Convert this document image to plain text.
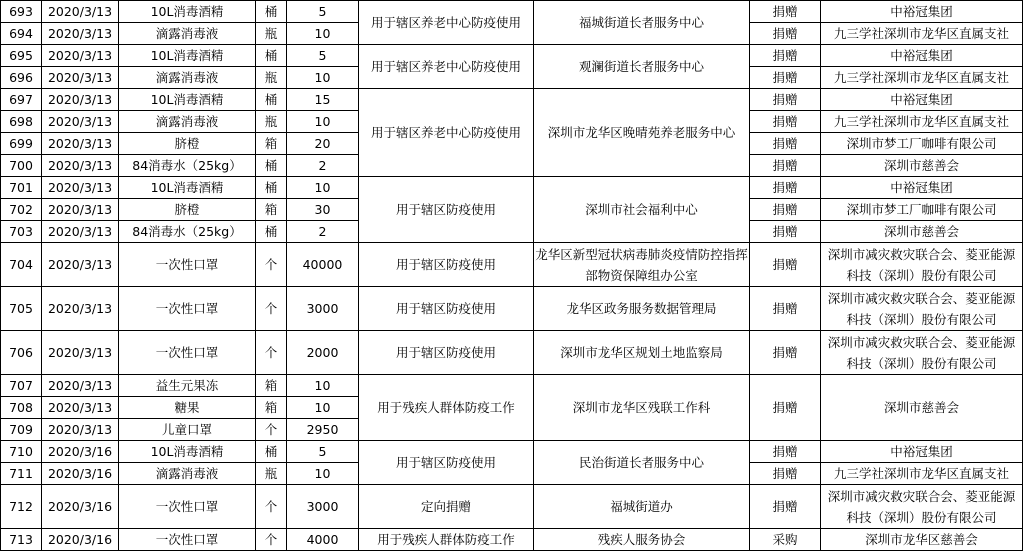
693	2020/3/13	10L消毒酒精	桶	5	用于辖区养老中心防疫使用	福城街道长者服务中心	捐赠	中裕冠集团
694	2020/3/13	滴露消毒液	瓶	10			捐赠	九三学社深圳市龙华区直属支社
695	2020/3/13	10L消毒酒精	桶	5	用于辖区养老中心防疫使用	观澜街道长者服务中心	捐赠	中裕冠集团
696	2020/3/13	滴露消毒液	瓶	10			捐赠	九三学社深圳市龙华区直属支社
697	2020/3/13	10L消毒酒精	桶	15	用于辖区养老中心防疫使用	深圳市龙华区晚晴苑养老服务中心	捐赠	中裕冠集团
698	2020/3/13	滴露消毒液	瓶	10			捐赠	九三学社深圳市龙华区直属支社
699	2020/3/13	脐橙	箱	20			捐赠	深圳市梦工厂咖啡有限公司
700	2020/3/13	84消毒水（25kg）	桶	2			捐赠	深圳市慈善会
701	2020/3/13	10L消毒酒精	桶	10	用于辖区防疫使用	深圳市社会福利中心	捐赠	中裕冠集团
702	2020/3/13	脐橙	箱	30			捐赠	深圳市梦工厂咖啡有限公司
703	2020/3/13	84消毒水（25kg）	桶	2			捐赠	深圳市慈善会
704	2020/3/13	一次性口罩	个	40000	用于辖区防疫使用	龙华区新型冠状病毒肺炎疫情防控指挥部物资保障组办公室	捐赠	深圳市减灾救灾联合会、菱亚能源科技（深圳）股份有限公司
705	2020/3/13	一次性口罩	个	3000	用于辖区防疫使用	龙华区政务服务数据管理局	捐赠	深圳市减灾救灾联合会、菱亚能源科技（深圳）股份有限公司
706	2020/3/13	一次性口罩	个	2000	用于辖区防疫使用	深圳市龙华区规划土地监察局	捐赠	深圳市减灾救灾联合会、菱亚能源科技（深圳）股份有限公司
707	2020/3/13	益生元果冻	箱	10	用于残疾人群体防疫工作	深圳市龙华区残联工作科	捐赠	深圳市慈善会
708	2020/3/13	糖果	箱	10				
709	2020/3/13	儿童口罩	个	2950				
710	2020/3/16	10L消毒酒精	桶	5	用于辖区防疫使用	民治街道长者服务中心	捐赠	中裕冠集团
711	2020/3/16	滴露消毒液	瓶	10			捐赠	九三学社深圳市龙华区直属支社
712	2020/3/16	一次性口罩	个	3000	定向捐赠	福城街道办	捐赠	深圳市减灾救灾联合会、菱亚能源科技（深圳）股份有限公司
713	2020/3/16	一次性口罩	个	4000	用于残疾人群体防疫工作	残疾人服务协会	采购	深圳市龙华区慈善会
